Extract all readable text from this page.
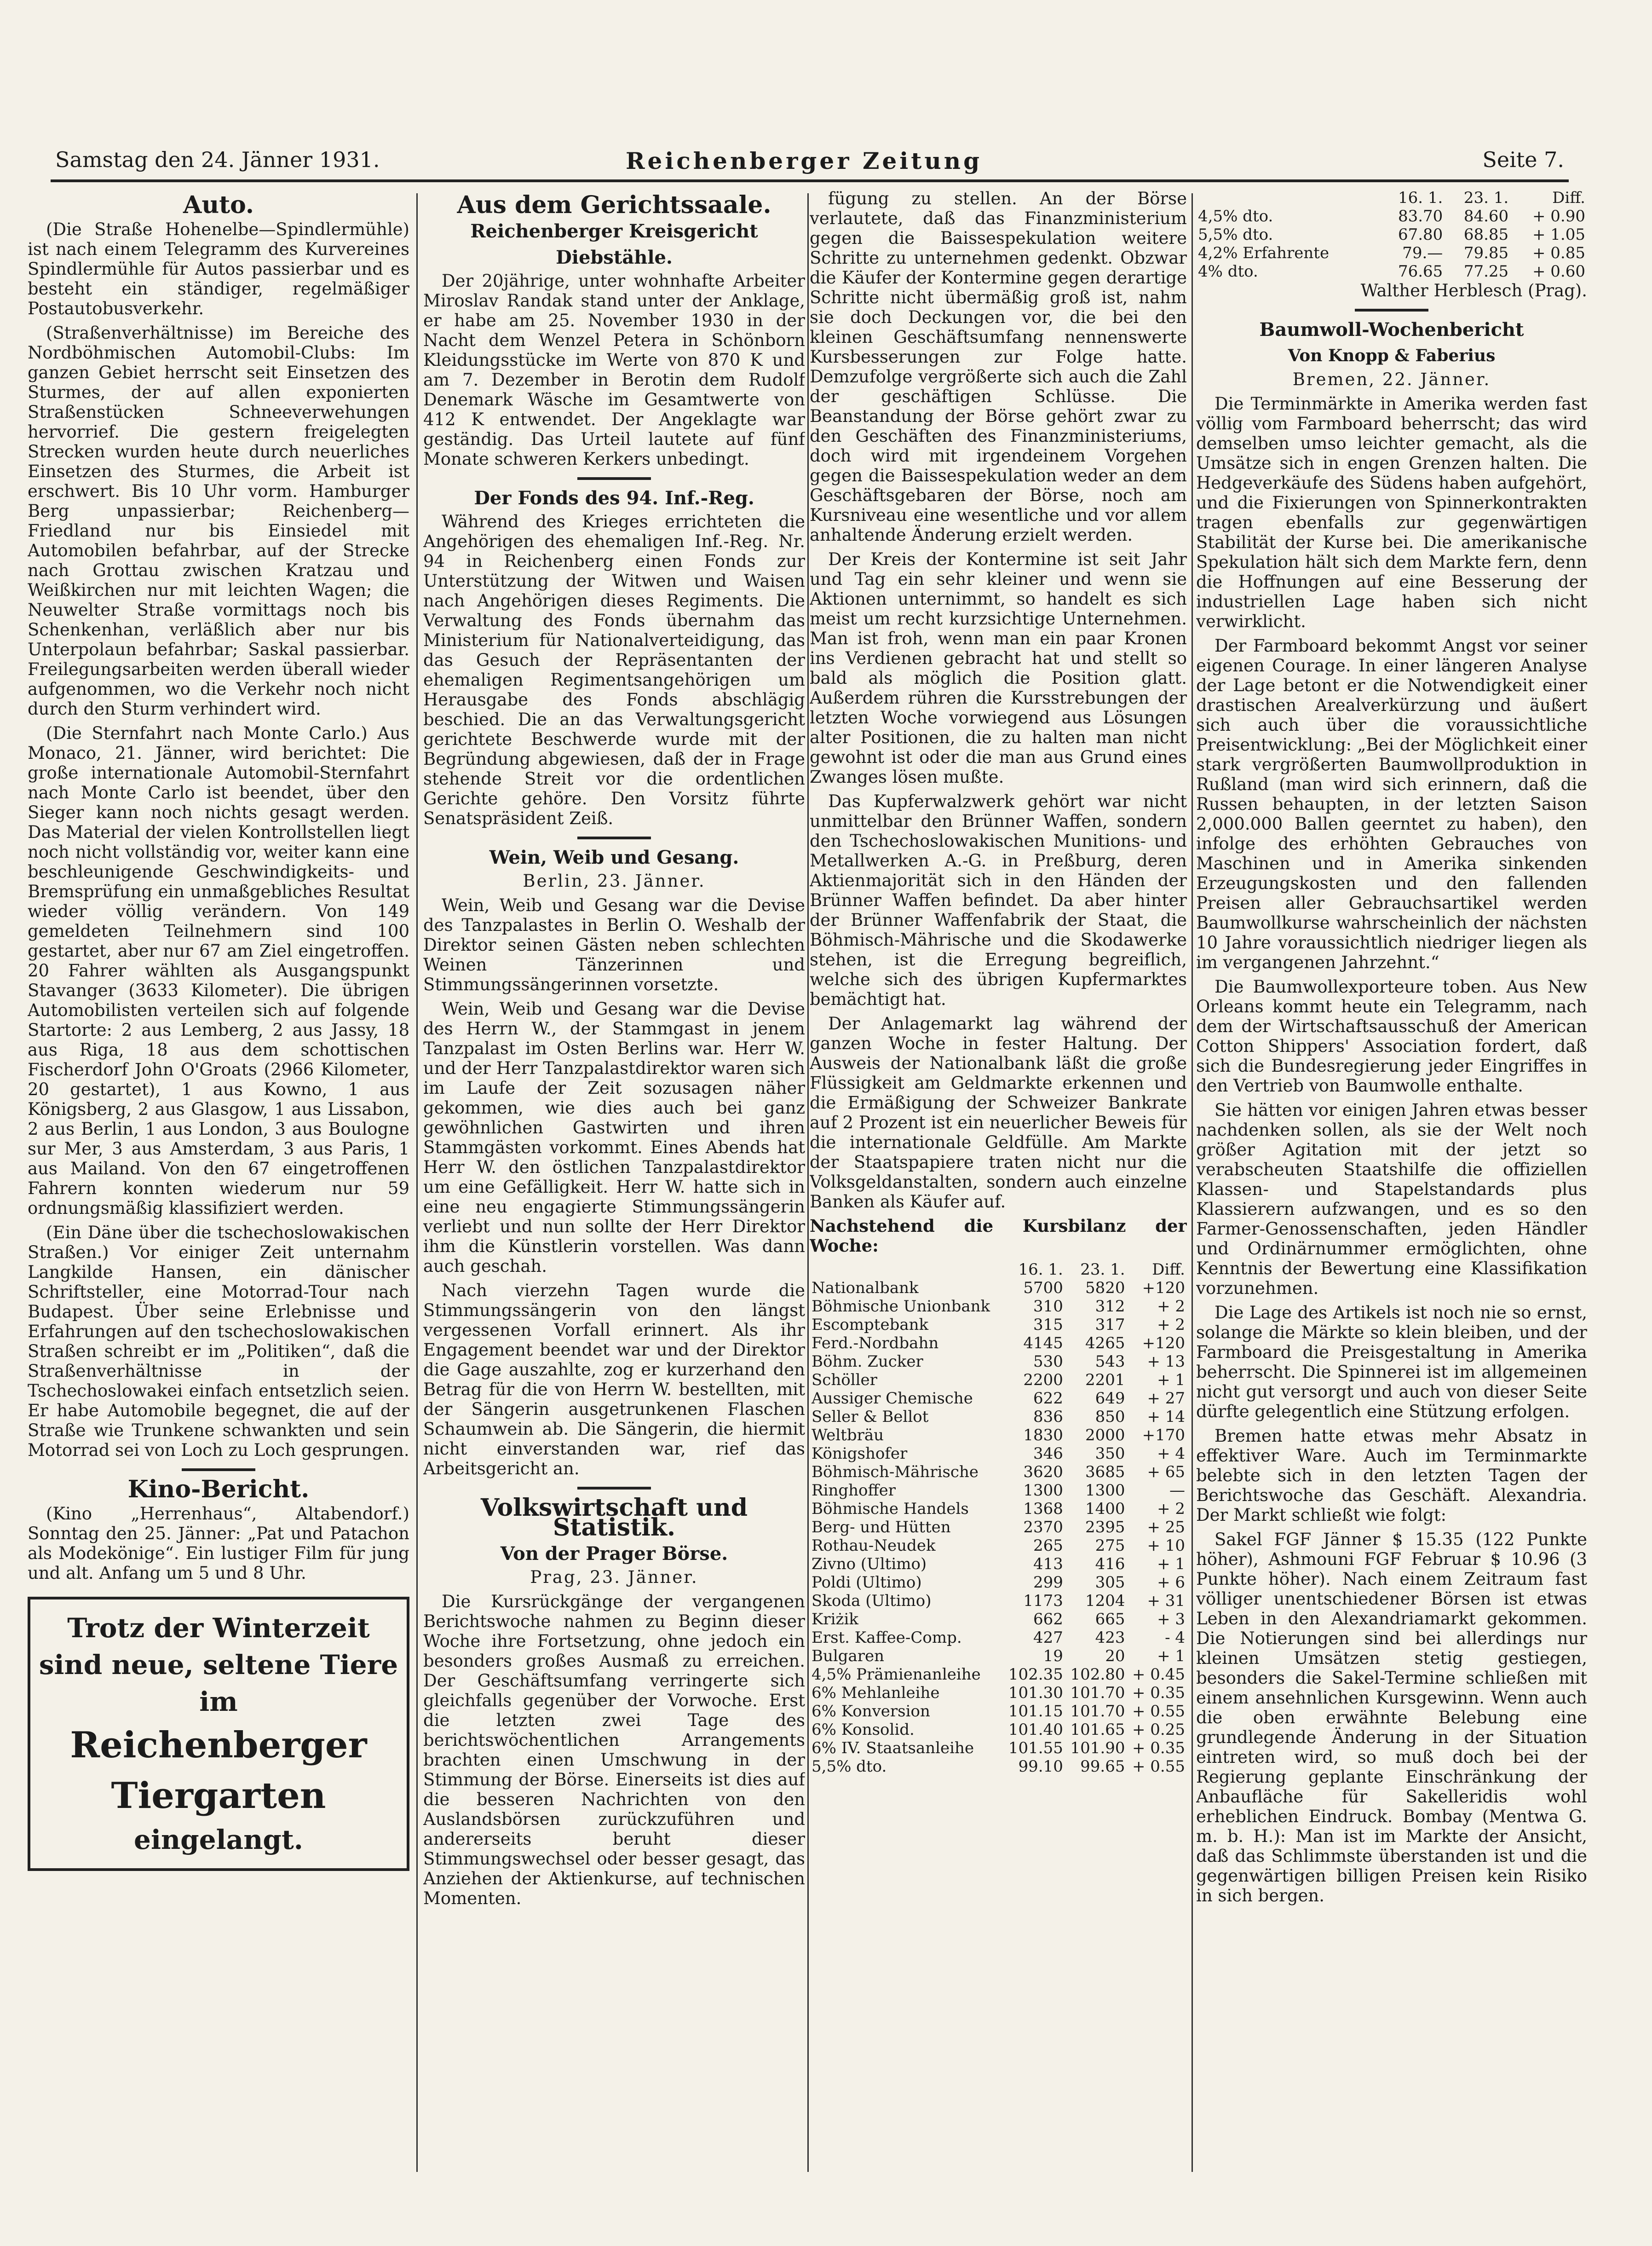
Samstag den 24. Jänner 1931.	Reichenberger Zeitung	Seite 7.
Auto.

(Die Straße Hohenelbe—Spindlermühle) ist nach einem Telegramm des Kurvereines Spindlermühle für Autos passierbar und es besteht ein ständiger, regelmäßiger Postautobusverkehr.

(Straßenverhältnisse) im Bereiche des Nordböhmischen Automobil-Clubs: Im ganzen Gebiet herrscht seit Einsetzen des Sturmes, der auf allen exponierten Straßenstücken Schneeverwehungen hervorrief. Die gestern freigelegten Strecken wurden heute durch neuerliches Einsetzen des Sturmes, die Arbeit ist erschwert. Bis 10 Uhr vorm. Hamburger Berg unpassierbar; Reichenberg—Friedland nur bis Einsiedel mit Automobilen befahrbar, auf der Strecke nach Grottau zwischen Kratzau und Weißkirchen nur mit leichten Wagen; die Neuwelter Straße vormittags noch bis Schenkenhan, verläßlich aber nur bis Unterpolaun befahrbar; Saskal passierbar. Freilegungsarbeiten werden überall wieder aufgenommen, wo die Verkehr noch nicht durch den Sturm verhindert wird.

(Die Sternfahrt nach Monte Carlo.) Aus Monaco, 21. Jänner, wird berichtet: Die große internationale Automobil-Sternfahrt nach Monte Carlo ist beendet, über den Sieger kann noch nichts gesagt werden. Das Material der vielen Kontrollstellen liegt noch nicht vollständig vor, weiter kann eine beschleunigende Geschwindigkeits- und Bremsprüfung ein unmaßgebliches Resultat wieder völlig verändern. Von 149 gemeldeten Teilnehmern sind 100 gestartet, aber nur 67 am Ziel eingetroffen. 20 Fahrer wählten als Ausgangspunkt Stavanger (3633 Kilometer). Die übrigen Automobilisten verteilen sich auf folgende Startorte: 2 aus Lemberg, 2 aus Jassy, 18 aus Riga, 18 aus dem schottischen Fischerdorf John O'Groats (2966 Kilometer, 20 gestartet), 1 aus Kowno, 1 aus Königsberg, 2 aus Glasgow, 1 aus Lissabon, 2 aus Berlin, 1 aus London, 3 aus Boulogne sur Mer, 3 aus Amsterdam, 3 aus Paris, 1 aus Mailand. Von den 67 eingetroffenen Fahrern konnten wiederum nur 59 ordnungsmäßig klassifiziert werden.

(Ein Däne über die tschechoslowakischen Straßen.) Vor einiger Zeit unternahm Langkilde Hansen, ein dänischer Schriftsteller, eine Motorrad-Tour nach Budapest. Über seine Erlebnisse und Erfahrungen auf den tschechoslowakischen Straßen schreibt er im „Politiken“, daß die Straßenverhältnisse in der Tschechoslowakei einfach entsetzlich seien. Er habe Automobile begegnet, die auf der Straße wie Trunkene schwankten und sein Motorrad sei von Loch zu Loch gesprungen.

Kino-Bericht.

(Kino „Herrenhaus“, Altabendorf.) Sonntag den 25. Jänner: „Pat und Patachon als Modekönige“. Ein lustiger Film für jung und alt. Anfang um 5 und 8 Uhr.

Trotz der Winterzeit
sind neue, seltene Tiere
im
Reichenberger Tiergarten
eingelangt.
Aus dem Gerichtssaale.
Reichenberger Kreisgericht
Diebstähle.

Der 20jährige, unter wohnhafte Arbeiter Miroslav Randak stand unter der Anklage, er habe am 25. November 1930 in der Nacht dem Wenzel Petera in Schönborn Kleidungsstücke im Werte von 870 K und am 7. Dezember in Berotin dem Rudolf Denemark Wäsche im Gesamtwerte von 412 K entwendet. Der Angeklagte war geständig. Das Urteil lautete auf fünf Monate schweren Kerkers unbedingt.

Der Fonds des 94. Inf.-Reg.

Während des Krieges errichteten die Angehörigen des ehemaligen Inf.-Reg. Nr. 94 in Reichenberg einen Fonds zur Unterstützung der Witwen und Waisen nach Angehörigen dieses Regiments. Die Verwaltung des Fonds übernahm das Ministerium für Nationalverteidigung, das das Gesuch der Repräsentanten der ehemaligen Regimentsangehörigen um Herausgabe des Fonds abschlägig beschied. Die an das Verwaltungsgericht gerichtete Beschwerde wurde mit der Begründung abgewiesen, daß der in Frage stehende Streit vor die ordentlichen Gerichte gehöre. Den Vorsitz führte Senatspräsident Zeiß.

Wein, Weib und Gesang.

Berlin, 23. Jänner.

Wein, Weib und Gesang war die Devise des Tanzpalastes in Berlin O. Weshalb der Direktor seinen Gästen neben schlechten Weinen Tänzerinnen und Stimmungssängerinnen vorsetzte.

Wein, Weib und Gesang war die Devise des Herrn W., der Stammgast in jenem Tanzpalast im Osten Berlins war. Herr W. und der Herr Tanzpalastdirektor waren sich im Laufe der Zeit sozusagen näher gekommen, wie dies auch bei ganz gewöhnlichen Gastwirten und ihren Stammgästen vorkommt. Eines Abends hat Herr W. den östlichen Tanzpalastdirektor um eine Gefälligkeit. Herr W. hatte sich in eine neu engagierte Stimmungssängerin verliebt und nun sollte der Herr Direktor ihm die Künstlerin vorstellen. Was dann auch geschah.

Nach vierzehn Tagen wurde die Stimmungssängerin von den längst vergessenen Vorfall erinnert. Als ihr Engagement beendet war und der Direktor die Gage auszahlte, zog er kurzerhand den Betrag für die von Herrn W. bestellten, mit der Sängerin ausgetrunkenen Flaschen Schaumwein ab. Die Sängerin, die hiermit nicht einverstanden war, rief das Arbeitsgericht an.

Volkswirtschaft und Statistik.
Von der Prager Börse.

Prag, 23. Jänner.

Die Kursrückgänge der vergangenen Berichtswoche nahmen zu Beginn dieser Woche ihre Fortsetzung, ohne jedoch ein besonders großes Ausmaß zu erreichen. Der Geschäftsumfang verringerte sich gleichfalls gegenüber der Vorwoche. Erst die letzten zwei Tage des berichtswöchentlichen Arrangements brachten einen Umschwung in der Stimmung der Börse. Einerseits ist dies auf die besseren Nachrichten von den Auslandsbörsen zurückzuführen und andererseits beruht dieser Stimmungswechsel oder besser gesagt, das Anziehen der Aktienkurse, auf technischen Momenten.

fügung zu stellen. An der Börse verlautete, daß das Finanzministerium gegen die Baissespekulation weitere Schritte zu unternehmen gedenkt. Obzwar die Käufer der Kontermine gegen derartige Schritte nicht übermäßig groß ist, nahm sie doch Deckungen vor, die bei den kleinen Geschäftsumfang nennenswerte Kursbesserungen zur Folge hatte. Demzufolge vergrößerte sich auch die Zahl der geschäftigen Schlüsse. Die Beanstandung der Börse gehört zwar zu den Geschäften des Finanzministeriums, doch wird mit irgendeinem Vorgehen gegen die Baissespekulation weder an dem Geschäftsgebaren der Börse, noch am Kursniveau eine wesentliche und vor allem anhaltende Änderung erzielt werden.

Der Kreis der Kontermine ist seit Jahr und Tag ein sehr kleiner und wenn sie Aktionen unternimmt, so handelt es sich meist um recht kurzsichtige Unternehmen. Man ist froh, wenn man ein paar Kronen ins Verdienen gebracht hat und stellt so bald als möglich die Position glatt. Außerdem rühren die Kursstrebungen der letzten Woche vorwiegend aus Lösungen alter Positionen, die zu halten man nicht gewohnt ist oder die man aus Grund eines Zwanges lösen mußte.

Das Kupferwalzwerk gehört war nicht unmittelbar den Brünner Waffen, sondern den Tschechoslowakischen Munitions- und Metallwerken A.-G. in Preßburg, deren Aktienmajorität sich in den Händen der Brünner Waffen befindet. Da aber hinter der Brünner Waffenfabrik der Staat, die Böhmisch-Mährische und die Skodawerke stehen, ist die Erregung begreiflich, welche sich des übrigen Kupfermarktes bemächtigt hat.

Der Anlagemarkt lag während der ganzen Woche in fester Haltung. Der Ausweis der Nationalbank läßt die große Flüssigkeit am Geldmarkte erkennen und die Ermäßigung der Schweizer Bankrate auf 2 Prozent ist ein neuerlicher Beweis für die internationale Geldfülle. Am Markte der Staatspapiere traten nicht nur die Volksgeldanstalten, sondern auch einzelne Banken als Käufer auf.

Nachstehend die Kursbilanz der Woche:

	16. 1.	23. 1.	Diff.
Nationalbank	5700	5820	+120
Böhmische Unionbank	310	312	+ 2
Escomptebank	315	317	+ 2
Ferd.-Nordbahn	4145	4265	+120
Böhm. Zucker	530	543	+ 13
Schöller	2200	2201	+ 1
Aussiger Chemische	622	649	+ 27
Seller & Bellot	836	850	+ 14
Weltbräu	1830	2000	+170
Königshofer	346	350	+ 4
Böhmisch-Mährische	3620	3685	+ 65
Ringhoffer	1300	1300	—
Böhmische Handels	1368	1400	+ 2
Berg- und Hütten	2370	2395	+ 25
Rothau-Neudek	265	275	+ 10
Zivno (Ultimo)	413	416	+ 1
Poldi (Ultimo)	299	305	+ 6
Skoda (Ultimo)	1173	1204	+ 31
Kriżik	662	665	+ 3
Erst. Kaffee-Comp.	427	423	- 4
Bulgaren	19	20	+ 1
4,5% Prämienanleihe	102.35	102.80	+ 0.45
6% Mehlanleihe	101.30	101.70	+ 0.35
6% Konversion	101.15	101.70	+ 0.55
6% Konsolid.	101.40	101.65	+ 0.25
6% IV. Staatsanleihe	101.55	101.90	+ 0.35
5,5% dto.	99.10	99.65	+ 0.55
	16. 1.	23. 1.	Diff.
4,5% dto.	83.70	84.60	+ 0.90
5,5% dto.	67.80	68.85	+ 1.05
4,2% Erfahrente	79.—	79.85	+ 0.85
4% dto.	76.65	77.25	+ 0.60

Walther Herblesch (Prag).

Baumwoll-Wochenbericht
Von Knopp & Faberius

Bremen, 22. Jänner.

Die Terminmärkte in Amerika werden fast völlig vom Farmboard beherrscht; das wird demselben umso leichter gemacht, als die Umsätze sich in engen Grenzen halten. Die Hedgeverkäufe des Südens haben aufgehört, und die Fixierungen von Spinnerkontrakten tragen ebenfalls zur gegenwärtigen Stabilität der Kurse bei. Die amerikanische Spekulation hält sich dem Markte fern, denn die Hoffnungen auf eine Besserung der industriellen Lage haben sich nicht verwirklicht.

Der Farmboard bekommt Angst vor seiner eigenen Courage. In einer längeren Analyse der Lage betont er die Notwendigkeit einer drastischen Arealverkürzung und äußert sich auch über die voraussichtliche Preisentwicklung: „Bei der Möglichkeit einer stark vergrößerten Baumwollproduktion in Rußland (man wird sich erinnern, daß die Russen behaupten, in der letzten Saison 2,000.000 Ballen geerntet zu haben), den infolge des erhöhten Gebrauches von Maschinen und in Amerika sinkenden Erzeugungskosten und den fallenden Preisen aller Gebrauchsartikel werden Baumwollkurse wahrscheinlich der nächsten 10 Jahre voraussichtlich niedriger liegen als im vergangenen Jahrzehnt.“

Die Baumwollexporteure toben. Aus New Orleans kommt heute ein Telegramm, nach dem der Wirtschaftsausschuß der American Cotton Shippers' Association fordert, daß sich die Bundesregierung jeder Eingriffes in den Vertrieb von Baumwolle enthalte.

Sie hätten vor einigen Jahren etwas besser nachdenken sollen, als sie der Welt noch größer Agitation mit der jetzt so verabscheuten Staatshilfe die offiziellen Klassen- und Stapelstandards plus Klassierern aufzwangen, und es so den Farmer-Genossenschaften, jeden Händler und Ordinärnummer ermöglichten, ohne Kenntnis der Bewertung eine Klassifikation vorzunehmen.

Die Lage des Artikels ist noch nie so ernst, solange die Märkte so klein bleiben, und der Farmboard die Preisgestaltung in Amerika beherrscht. Die Spinnerei ist im allgemeinen nicht gut versorgt und auch von dieser Seite dürfte gelegentlich eine Stützung erfolgen.

Bremen hatte etwas mehr Absatz in effektiver Ware. Auch im Terminmarkte belebte sich in den letzten Tagen der Berichtswoche das Geschäft. Alexandria. Der Markt schließt wie folgt:

Sakel FGF Jänner $ 15.35 (122 Punkte höher), Ashmouni FGF Februar $ 10.96 (3 Punkte höher). Nach einem Zeitraum fast völliger unentschiedener Börsen ist etwas Leben in den Alexandriamarkt gekommen. Die Notierungen sind bei allerdings nur kleinen Umsätzen stetig gestiegen, besonders die Sakel-Termine schließen mit einem ansehnlichen Kursgewinn. Wenn auch die oben erwähnte Belebung eine grundlegende Änderung in der Situation eintreten wird, so muß doch bei der Regierung geplante Einschränkung der Anbaufläche für Sakelleridis wohl erheblichen Eindruck. Bombay (Mentwa G. m. b. H.): Man ist im Markte der Ansicht, daß das Schlimmste überstanden ist und die gegenwärtigen billigen Preisen kein Risiko in sich bergen.
